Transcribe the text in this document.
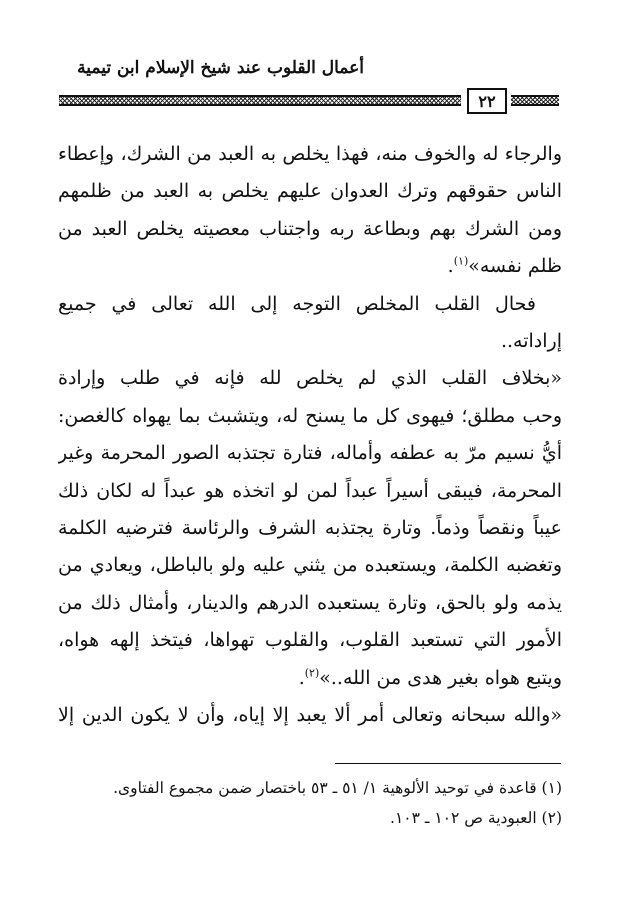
أعمال القلوب عند شيخ الإسلام ابن تيمية
٢٢
والرجاء له والخوف منه، فهذا يخلص به العبد من الشرك، وإعطاء
الناس حقوقهم وترك العدوان عليهم يخلص به العبد من ظلمهم
ومن الشرك بهم وبطاعة ربه واجتناب معصيته يخلص العبد من
ظلم نفسه»$^{(١)}$.
فحال القلب المخلص التوجه إلى الله تعالى في جميع
إراداته..
«بخلاف القلب الذي لم يخلص لله فإنه في طلب وإرادة
وحب مطلق؛ فيهوى كل ما يسنح له، ويتشبث بما يهواه كالغصن:
أيُّ نسيم مرّ به عطفه وأماله، فتارة تجتذبه الصور المحرمة وغير
المحرمة، فيبقى أسيراً عبداً لمن لو اتخذه هو عبداً له لكان ذلك
عيباً ونقصاً وذماً. وتارة يجتذبه الشرف والرئاسة فترضيه الكلمة
وتغضبه الكلمة، ويستعبده من يثني عليه ولو بالباطل، ويعادي من
يذمه ولو بالحق، وتارة يستعبده الدرهم والدينار، وأمثال ذلك من
الأمور التي تستعبد القلوب، والقلوب تهواها، فيتخذ إلهه هواه،
ويتبع هواه بغير هدى من الله..»$^{(٢)}$.
«والله سبحانه وتعالى أمر ألا يعبد إلا إياه، وأن لا يكون الدين إلا
(١) قاعدة في توحيد الألوهية ١/ ٥١ ـ ٥٣ باختصار ضمن مجموع الفتاوى.
(٢) العبودية ص ١٠٢ ـ ١٠٣.
